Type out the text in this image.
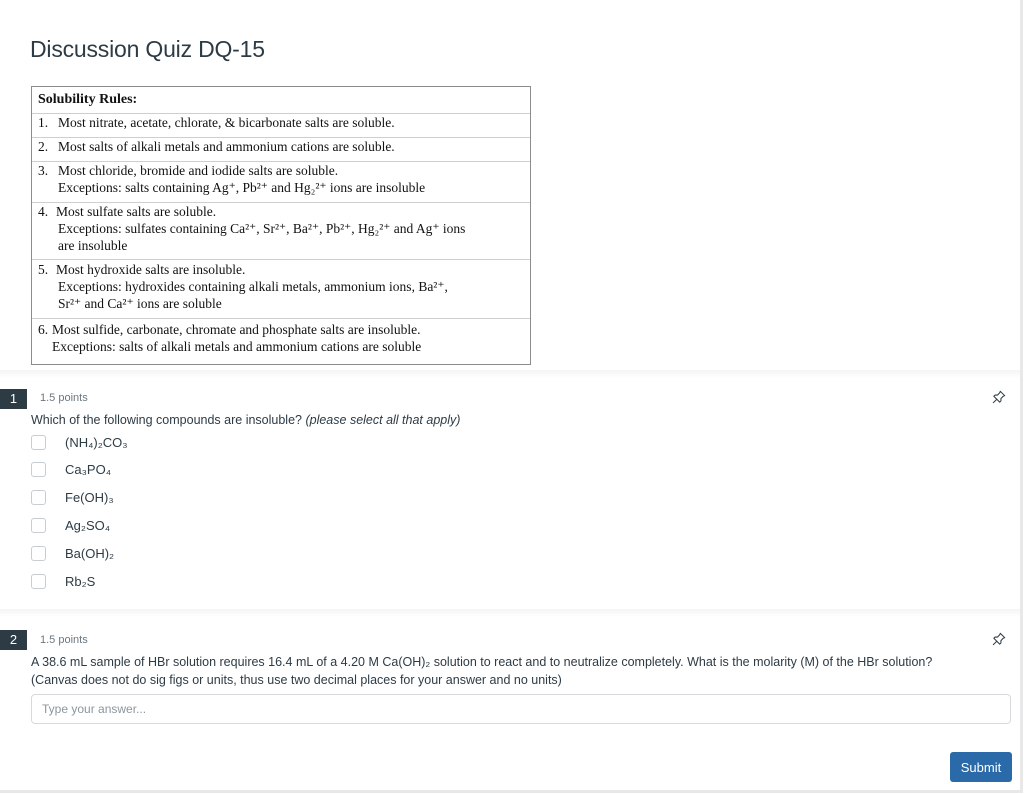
Discussion Quiz DQ-15
Solubility Rules:
1. Most nitrate, acetate, chlorate, & bicarbonate salts are soluble.
2. Most salts of alkali metals and ammonium cations are soluble.
3. Most chloride, bromide and iodide salts are soluble.
Exceptions: salts containing Ag⁺, Pb²⁺ and Hg₂²⁺ ions are insoluble
4. Most sulfate salts are soluble.
Exceptions: sulfates containing Ca²⁺, Sr²⁺, Ba²⁺, Pb²⁺, Hg₂²⁺ and Ag⁺ ions
are insoluble
5. Most hydroxide salts are insoluble.
Exceptions: hydroxides containing alkali metals, ammonium ions, Ba²⁺,
Sr²⁺ and Ca²⁺ ions are soluble
6. Most sulfide, carbonate, chromate and phosphate salts are insoluble.
Exceptions: salts of alkali metals and ammonium cations are soluble
1	1.5 points
Which of the following compounds are insoluble? (please select all that apply)
(NH₄)₂CO₃
Ca₃PO₄
Fe(OH)₃
Ag₂SO₄
Ba(OH)₂
Rb₂S
2	1.5 points
A 38.6 mL sample of HBr solution requires 16.4 mL of a 4.20 M Ca(OH)₂ solution to react and to neutralize completely. What is the molarity (M) of the HBr solution?
(Canvas does not do sig figs or units, thus use two decimal places for your answer and no units)
Type your answer...
Submit
